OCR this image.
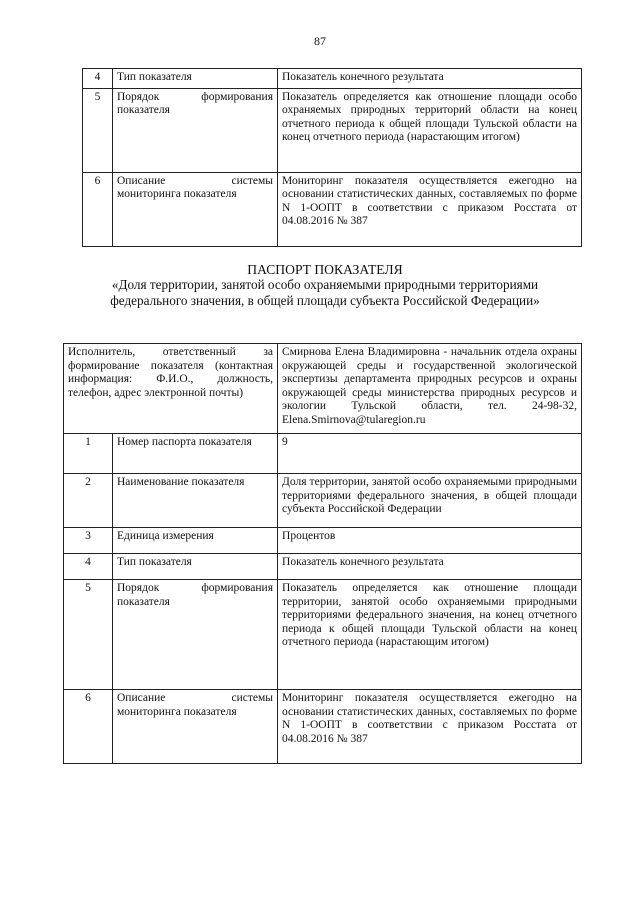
87
4	Тип показателя	Показатель конечного результата
5	Порядок формирования показателя	Показатель определяется как отношение площади особо охраняемых природных территорий области на конец отчетного периода к общей площади Тульской области на конец отчетного периода (нарастающим итогом)
6	Описание системы мониторинга показателя	Мониторинг показателя осуществляется ежегодно на основании статистических данных, составляемых по форме N 1-ООПТ в соответствии с приказом Росстата от 04.08.2016 № 387
ПАСПОРТ ПОКАЗАТЕЛЯ
«Доля территории, занятой особо охраняемыми природными территориями федерального значения, в общей площади субъекта Российской Федерации»
Исполнитель, ответственный за формирование показателя (контактная информация: Ф.И.О., должность, телефон, адрес электронной почты)		Смирнова Елена Владимировна - начальник отдела охраны окружающей среды и государственной экологической экспертизы департамента природных ресурсов и охраны окружающей среды министерства природных ресурсов и экологии Тульской области, тел. 24-98-32, Elena.Smirnova@tularegion.ru
1	Номер паспорта показателя	9
2	Наименование показателя	Доля территории, занятой особо охраняемыми природными территориями федерального значения, в общей площади субъекта Российской Федерации
3	Единица измерения	Процентов
4	Тип показателя	Показатель конечного результата
5	Порядок формирования показателя	Показатель определяется как отношение площади территории, занятой особо охраняемыми природными территориями федерального значения, на конец отчетного периода к общей площади Тульской области на конец отчетного периода (нарастающим итогом)
6	Описание системы мониторинга показателя	Мониторинг показателя осуществляется ежегодно на основании статистических данных, составляемых по форме N 1-ООПТ в соответствии с приказом Росстата от 04.08.2016 № 387
